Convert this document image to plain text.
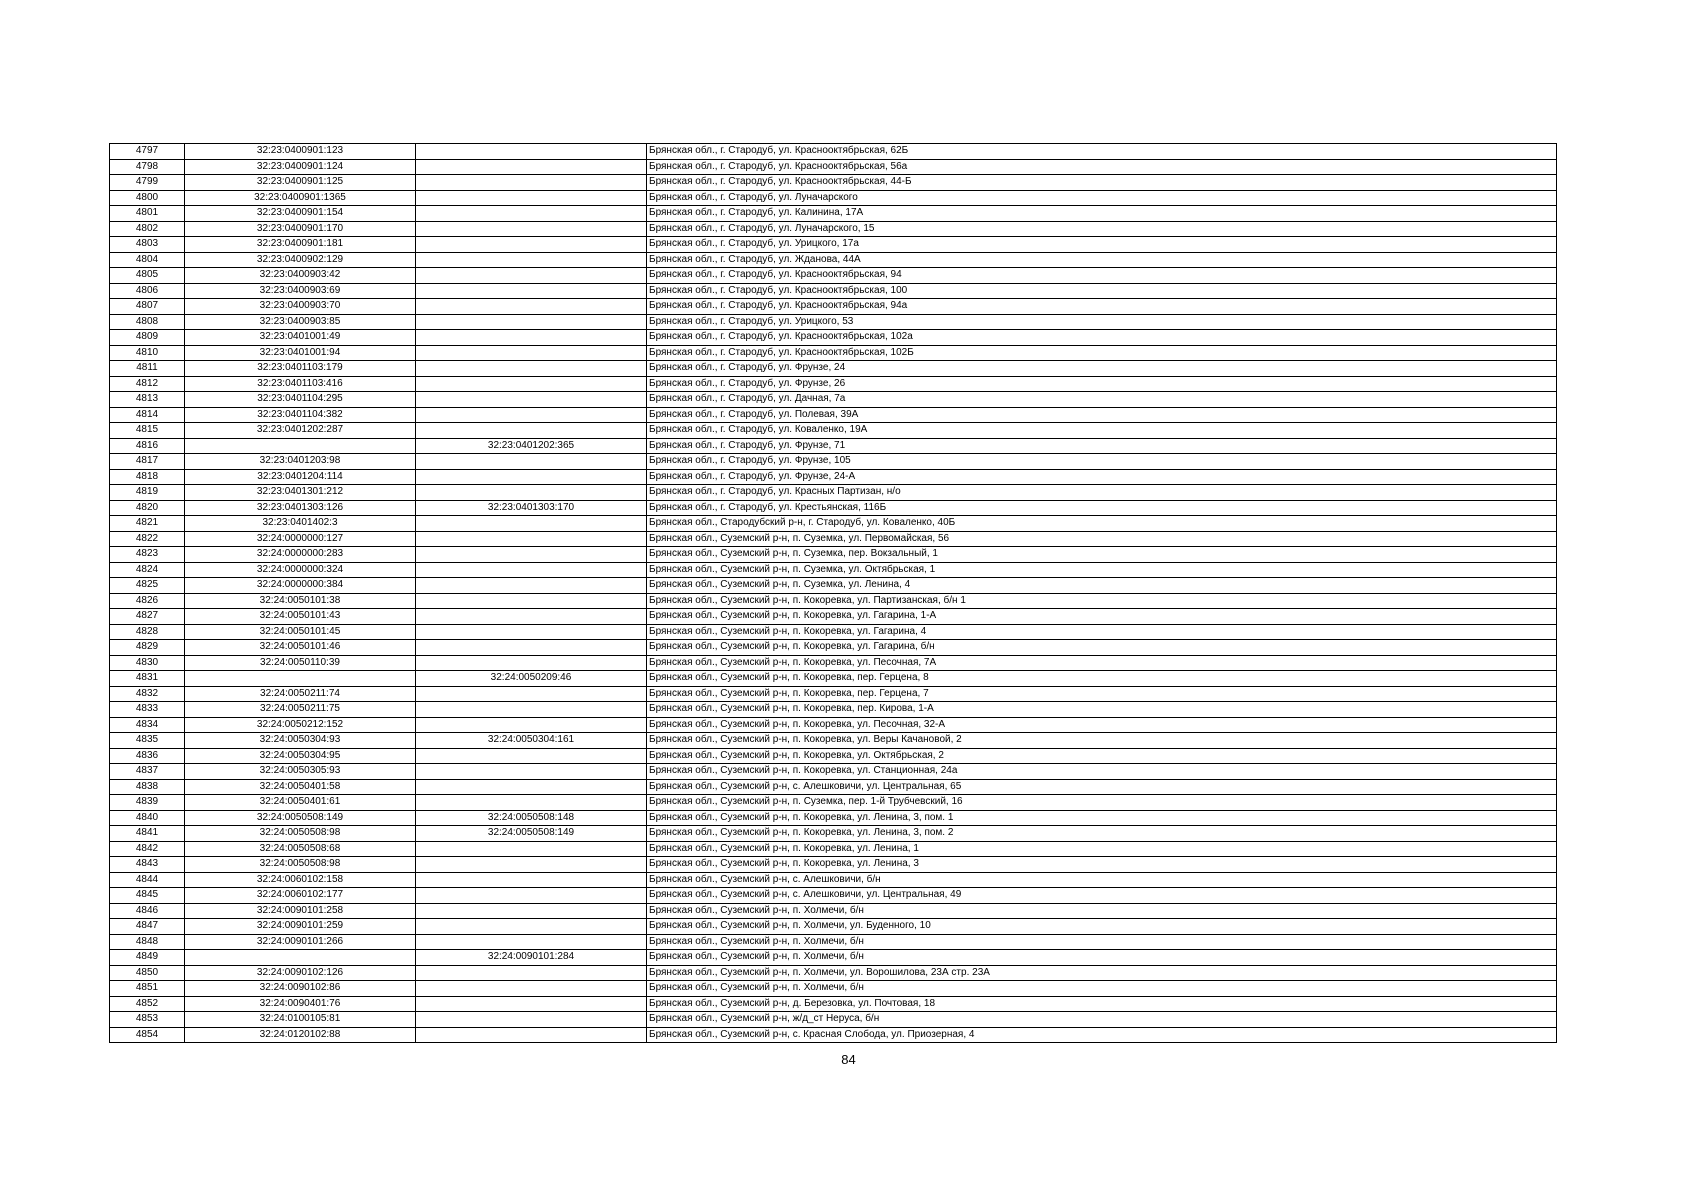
4797	32:23:0400901:123		Брянская обл., г. Стародуб, ул. Краснооктябрьская, 62Б
4798	32:23:0400901:124		Брянская обл., г. Стародуб, ул. Краснооктябрьская, 56а
4799	32:23:0400901:125		Брянская обл., г. Стародуб, ул. Краснооктябрьская, 44-Б
4800	32:23:0400901:1365		Брянская обл., г. Стародуб, ул. Луначарского
4801	32:23:0400901:154		Брянская обл., г. Стародуб, ул. Калинина, 17А
4802	32:23:0400901:170		Брянская обл., г. Стародуб, ул. Луначарского, 15
4803	32:23:0400901:181		Брянская обл., г. Стародуб, ул. Урицкого, 17а
4804	32:23:0400902:129		Брянская обл., г. Стародуб, ул. Жданова, 44А
4805	32:23:0400903:42		Брянская обл., г. Стародуб, ул. Краснооктябрьская, 94
4806	32:23:0400903:69		Брянская обл., г. Стародуб, ул. Краснооктябрьская, 100
4807	32:23:0400903:70		Брянская обл., г. Стародуб, ул. Краснооктябрьская, 94а
4808	32:23:0400903:85		Брянская обл., г. Стародуб, ул. Урицкого, 53
4809	32:23:0401001:49		Брянская обл., г. Стародуб, ул. Краснооктябрьская, 102а
4810	32:23:0401001:94		Брянская обл., г. Стародуб, ул. Краснооктябрьская, 102Б
4811	32:23:0401103:179		Брянская обл., г. Стародуб, ул. Фрунзе, 24
4812	32:23:0401103:416		Брянская обл., г. Стародуб, ул. Фрунзе, 26
4813	32:23:0401104:295		Брянская обл., г. Стародуб, ул. Дачная, 7а
4814	32:23:0401104:382		Брянская обл., г. Стародуб, ул. Полевая, 39А
4815	32:23:0401202:287		Брянская обл., г. Стародуб, ул. Коваленко, 19А
4816		32:23:0401202:365	Брянская обл., г. Стародуб, ул. Фрунзе, 71
4817	32:23:0401203:98		Брянская обл., г. Стародуб, ул. Фрунзе, 105
4818	32:23:0401204:114		Брянская обл., г. Стародуб, ул. Фрунзе, 24-А
4819	32:23:0401301:212		Брянская обл., г. Стародуб, ул. Красных Партизан, н/о
4820	32:23:0401303:126	32:23:0401303:170	Брянская обл., г. Стародуб, ул. Крестьянская, 116Б
4821	32:23:0401402:3		Брянская обл., Стародубский р-н, г. Стародуб, ул. Коваленко, 40Б
4822	32:24:0000000:127		Брянская обл., Суземский р-н, п. Суземка, ул. Первомайская, 56
4823	32:24:0000000:283		Брянская обл., Суземский р-н, п. Суземка, пер. Вокзальный, 1
4824	32:24:0000000:324		Брянская обл., Суземский р-н, п. Суземка, ул. Октябрьская, 1
4825	32:24:0000000:384		Брянская обл., Суземский р-н, п. Суземка, ул. Ленина, 4
4826	32:24:0050101:38		Брянская обл., Суземский р-н, п. Кокоревка, ул. Партизанская, б/н 1
4827	32:24:0050101:43		Брянская обл., Суземский р-н, п. Кокоревка, ул. Гагарина, 1-А
4828	32:24:0050101:45		Брянская обл., Суземский р-н, п. Кокоревка, ул. Гагарина, 4
4829	32:24:0050101:46		Брянская обл., Суземский р-н, п. Кокоревка, ул. Гагарина, б/н
4830	32:24:0050110:39		Брянская обл., Суземский р-н, п. Кокоревка, ул. Песочная, 7А
4831		32:24:0050209:46	Брянская обл., Суземский р-н, п. Кокоревка, пер. Герцена, 8
4832	32:24:0050211:74		Брянская обл., Суземский р-н, п. Кокоревка, пер. Герцена, 7
4833	32:24:0050211:75		Брянская обл., Суземский р-н, п. Кокоревка, пер. Кирова, 1-А
4834	32:24:0050212:152		Брянская обл., Суземский р-н, п. Кокоревка, ул. Песочная, 32-А
4835	32:24:0050304:93	32:24:0050304:161	Брянская обл., Суземский р-н, п. Кокоревка, ул. Веры Качановой, 2
4836	32:24:0050304:95		Брянская обл., Суземский р-н, п. Кокоревка, ул. Октябрьская, 2
4837	32:24:0050305:93		Брянская обл., Суземский р-н, п. Кокоревка, ул. Станционная, 24а
4838	32:24:0050401:58		Брянская обл., Суземский р-н, с. Алешковичи, ул. Центральная, 65
4839	32:24:0050401:61		Брянская обл., Суземский р-н, п. Суземка, пер. 1-й Трубчевский, 16
4840	32:24:0050508:149	32:24:0050508:148	Брянская обл., Суземский р-н, п. Кокоревка, ул. Ленина, 3, пом. 1
4841	32:24:0050508:98	32:24:0050508:149	Брянская обл., Суземский р-н, п. Кокоревка, ул. Ленина, 3, пом. 2
4842	32:24:0050508:68		Брянская обл., Суземский р-н, п. Кокоревка, ул. Ленина, 1
4843	32:24:0050508:98		Брянская обл., Суземский р-н, п. Кокоревка, ул. Ленина, 3
4844	32:24:0060102:158		Брянская обл., Суземский р-н, с. Алешковичи, б/н
4845	32:24:0060102:177		Брянская обл., Суземский р-н, с. Алешковичи, ул. Центральная, 49
4846	32:24:0090101:258		Брянская обл., Суземский р-н, п. Холмечи, б/н
4847	32:24:0090101:259		Брянская обл., Суземский р-н, п. Холмечи, ул. Буденного, 10
4848	32:24:0090101:266		Брянская обл., Суземский р-н, п. Холмечи, б/н
4849		32:24:0090101:284	Брянская обл., Суземский р-н, п. Холмечи, б/н
4850	32:24:0090102:126		Брянская обл., Суземский р-н, п. Холмечи, ул. Ворошилова, 23А стр. 23А
4851	32:24:0090102:86		Брянская обл., Суземский р-н, п. Холмечи, б/н
4852	32:24:0090401:76		Брянская обл., Суземский р-н, д. Березовка, ул. Почтовая, 18
4853	32:24:0100105:81		Брянская обл., Суземский р-н, ж/д_ст Неруса, б/н
4854	32:24:0120102:88		Брянская обл., Суземский р-н, с. Красная Слобода, ул. Приозерная, 4
84
